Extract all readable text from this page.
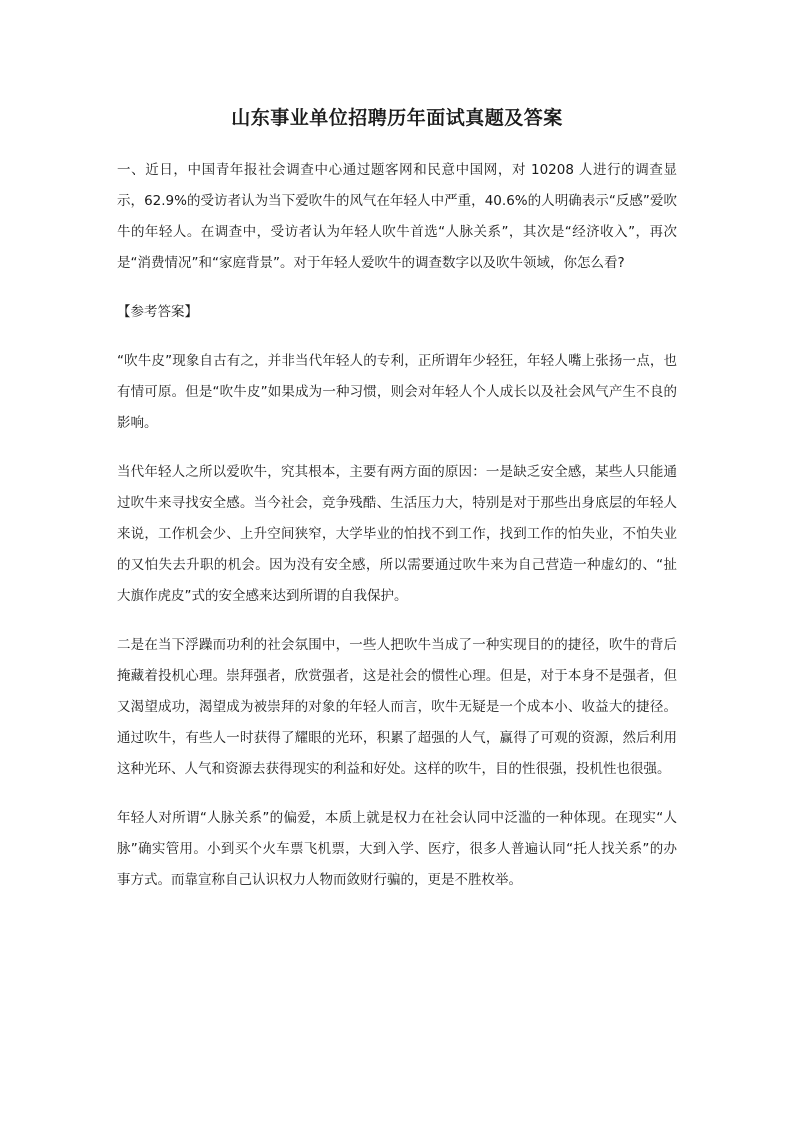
山东事业单位招聘历年面试真题及答案

一、近日，中国青年报社会调查中心通过题客网和民意中国网，对 10208 人进行的调查显示，62.9%的受访者认为当下爱吹牛的风气在年轻人中严重，40.6%的人明确表示“反感”爱吹牛的年轻人。在调查中，受访者认为年轻人吹牛首选“人脉关系”，其次是“经济收入”，再次是“消费情况”和“家庭背景”。对于年轻人爱吹牛的调查数字以及吹牛领域，你怎么看?

【参考答案】

“吹牛皮”现象自古有之，并非当代年轻人的专利，正所谓年少轻狂，年轻人嘴上张扬一点，也有情可原。但是“吹牛皮”如果成为一种习惯，则会对年轻人个人成长以及社会风气产生不良的影响。

当代年轻人之所以爱吹牛，究其根本，主要有两方面的原因：一是缺乏安全感，某些人只能通过吹牛来寻找安全感。当今社会，竞争残酷、生活压力大，特别是对于那些出身底层的年轻人来说，工作机会少、上升空间狭窄，大学毕业的怕找不到工作，找到工作的怕失业，不怕失业的又怕失去升职的机会。因为没有安全感，所以需要通过吹牛来为自己营造一种虚幻的、“扯大旗作虎皮”式的安全感来达到所谓的自我保护。

二是在当下浮躁而功利的社会氛围中，一些人把吹牛当成了一种实现目的的捷径，吹牛的背后掩藏着投机心理。崇拜强者，欣赏强者，这是社会的惯性心理。但是，对于本身不是强者，但又渴望成功，渴望成为被崇拜的对象的年轻人而言，吹牛无疑是一个成本小、收益大的捷径。通过吹牛，有些人一时获得了耀眼的光环，积累了超强的人气，赢得了可观的资源，然后利用这种光环、人气和资源去获得现实的利益和好处。这样的吹牛，目的性很强，投机性也很强。

年轻人对所谓“人脉关系”的偏爱，本质上就是权力在社会认同中泛滥的一种体现。在现实“人脉”确实管用。小到买个火车票飞机票，大到入学、医疗，很多人普遍认同“托人找关系”的办事方式。而靠宣称自己认识权力人物而敛财行骗的，更是不胜枚举。
